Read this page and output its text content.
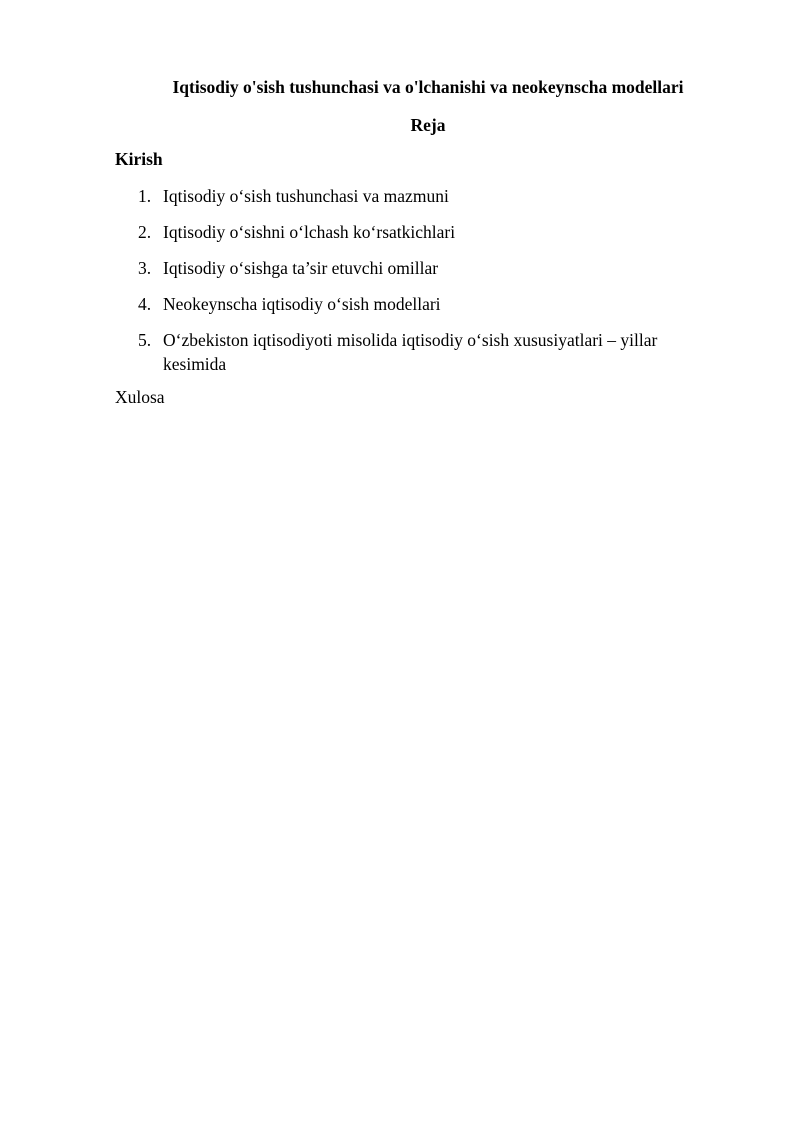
Iqtisodiy o'sish tushunchasi va o'lchanishi va neokeynscha modellari
Reja
Kirish
1. Iqtisodiy o‘sish tushunchasi va mazmuni
2. Iqtisodiy o‘sishni o‘lchash ko‘rsatkichlari
3. Iqtisodiy o‘sishga ta’sir etuvchi omillar
4. Neokeynscha iqtisodiy o‘sish modellari
5. O‘zbekiston iqtisodiyoti misolida iqtisodiy o‘sish xususiyatlari – yillar kesimida
Xulosa
